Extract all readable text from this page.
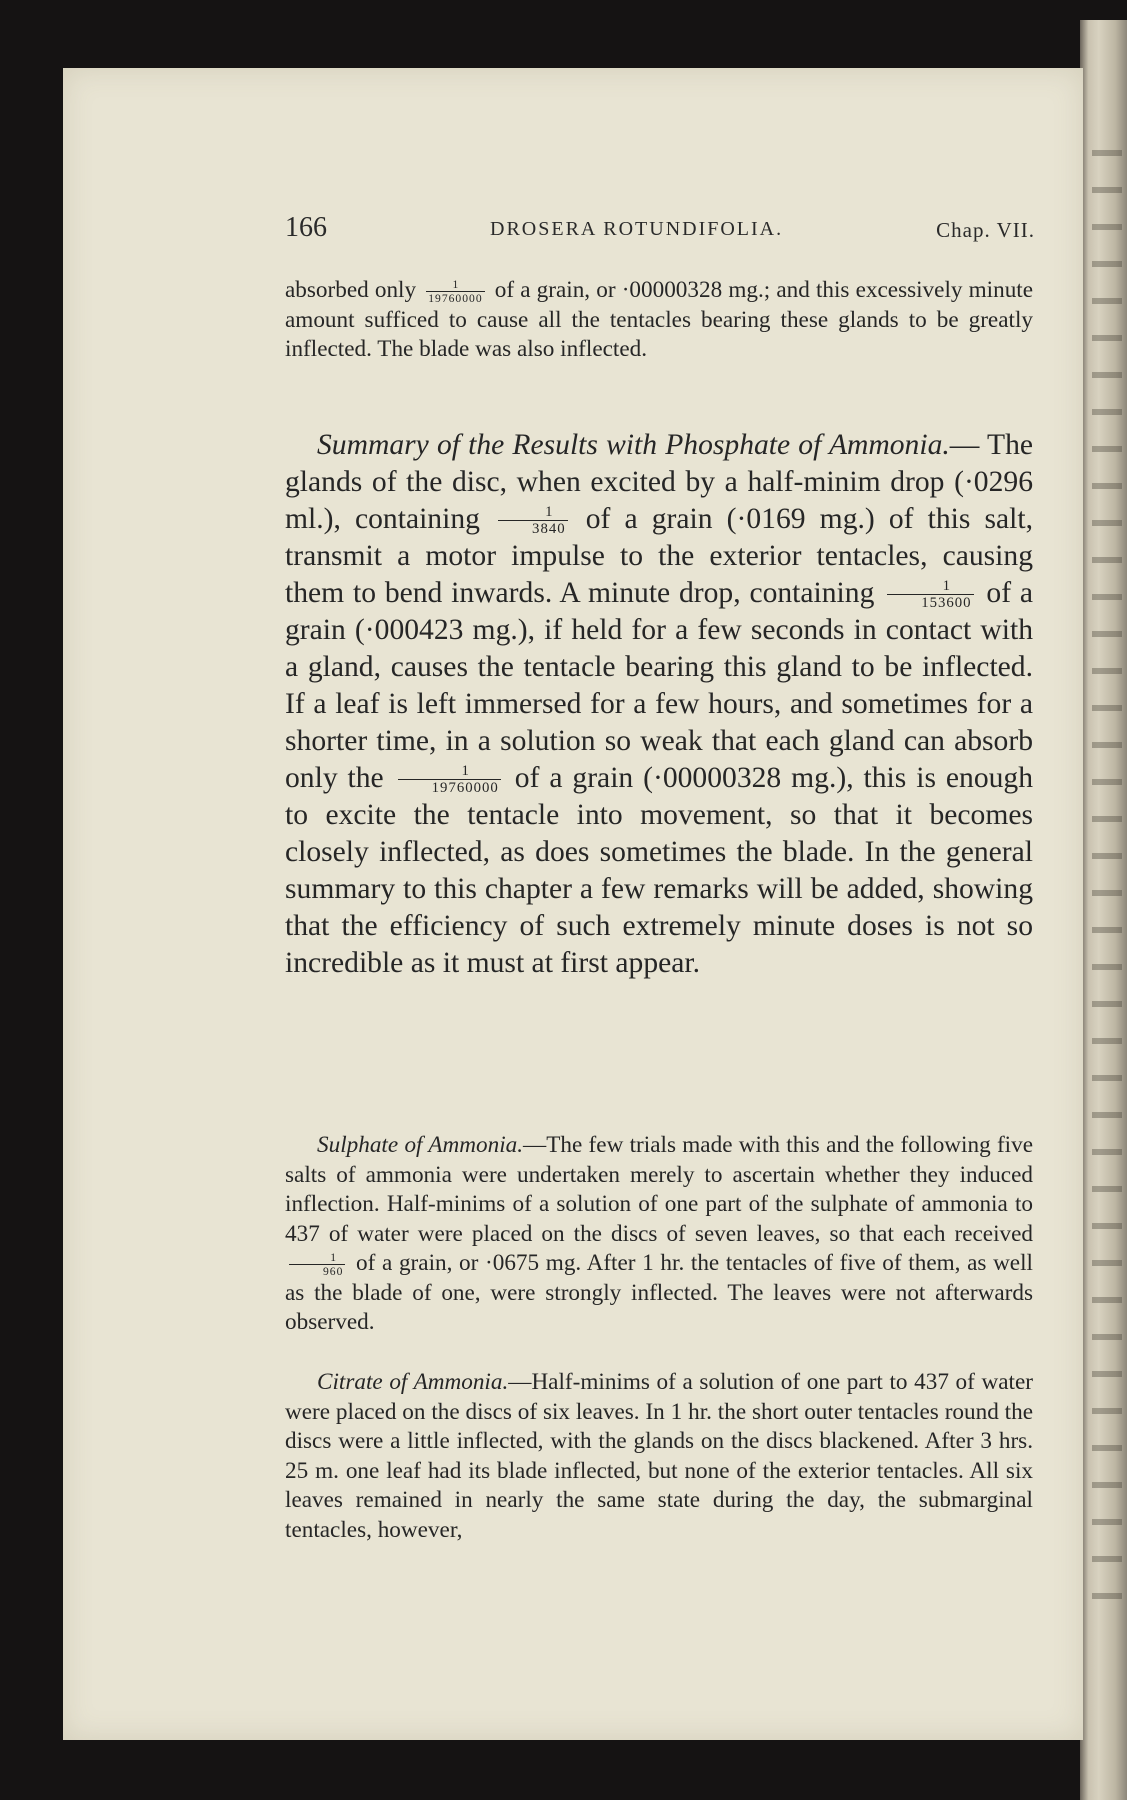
166	DROSERA ROTUNDIFOLIA.	Chap. VII.

absorbed only $\frac{1}{19760000}$ of a grain, or ·00000328 mg.; and this excessively minute amount sufficed to cause all the tentacles bearing these glands to be greatly inflected. The blade was also inflected.

Summary of the Results with Phosphate of Ammonia.— The glands of the disc, when excited by a half-minim drop (·0296 ml.), containing $\frac{1}{3840}$ of a grain (·0169 mg.) of this salt, transmit a motor impulse to the exterior tentacles, causing them to bend inwards. A minute drop, containing $\frac{1}{153600}$ of a grain (·000423 mg.), if held for a few seconds in contact with a gland, causes the tentacle bearing this gland to be inflected. If a leaf is left immersed for a few hours, and sometimes for a shorter time, in a solution so weak that each gland can absorb only the $\frac{1}{19760000}$ of a grain (·00000328 mg.), this is enough to excite the tentacle into movement, so that it becomes closely inflected, as does sometimes the blade. In the general summary to this chapter a few remarks will be added, showing that the efficiency of such extremely minute doses is not so incredible as it must at first appear.

Sulphate of Ammonia.—The few trials made with this and the following five salts of ammonia were undertaken merely to ascertain whether they induced inflection. Half-minims of a solution of one part of the sulphate of ammonia to 437 of water were placed on the discs of seven leaves, so that each received
$\frac{1}{960}$ of a grain, or ·0675 mg. After 1 hr. the tentacles of five of them, as well as the blade of one, were strongly inflected. The leaves were not afterwards observed.

Citrate of Ammonia.—Half-minims of a solution of one part to 437 of water were placed on the discs of six leaves. In 1 hr. the short outer tentacles round the discs were a little inflected, with the glands on the discs blackened. After 3 hrs. 25 m. one leaf had its blade inflected, but none of the exterior tentacles. All six leaves remained in nearly the same state during the day, the submarginal tentacles, however,
